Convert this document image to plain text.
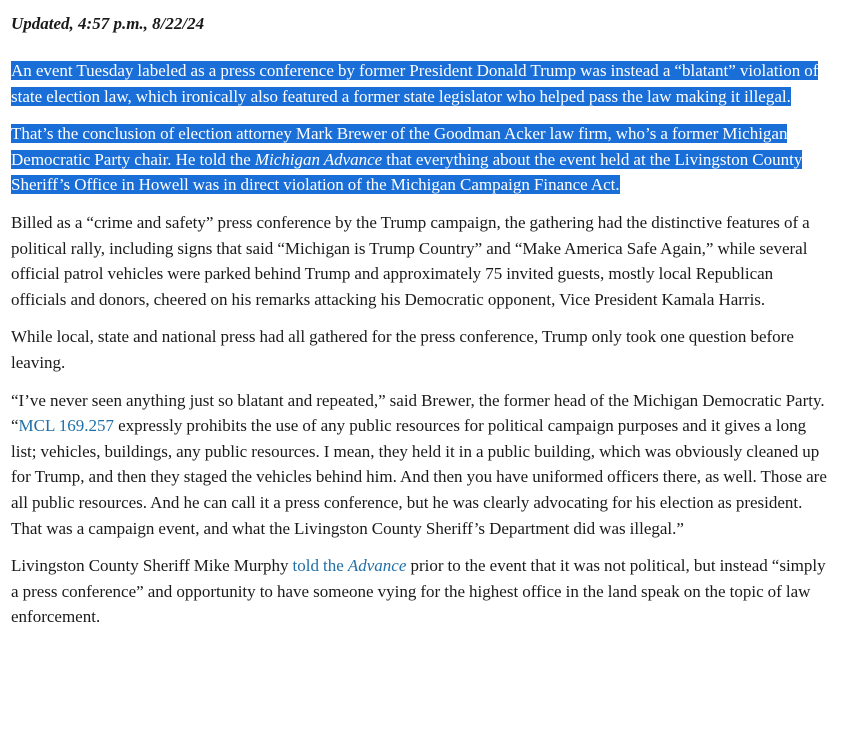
Updated, 4:57 p.m., 8/22/24

An event Tuesday labeled as a press conference by former President Donald Trump was instead a “blatant” violation of state election law, which ironically also featured a former state legislator who helped pass the law making it illegal.

That’s the conclusion of election attorney Mark Brewer of the Goodman Acker law firm, who’s a former Michigan Democratic Party chair. He told the Michigan Advance that everything about the event held at the Livingston County Sheriff’s Office in Howell was in direct violation of the Michigan Campaign Finance Act.

Billed as a “crime and safety” press conference by the Trump campaign, the gathering had the distinctive features of a political rally, including signs that said “Michigan is Trump Country” and “Make America Safe Again,” while several official patrol vehicles were parked behind Trump and approximately 75 invited guests, mostly local Republican officials and donors, cheered on his remarks attacking his Democratic opponent, Vice President Kamala Harris.

While local, state and national press had all gathered for the press conference, Trump only took one question before leaving.

“I’ve never seen anything just so blatant and repeated,” said Brewer, the former head of the Michigan Democratic Party. “MCL 169.257 expressly prohibits the use of any public resources for political campaign purposes and it gives a long list; vehicles, buildings, any public resources. I mean, they held it in a public building, which was obviously cleaned up for Trump, and then they staged the vehicles behind him. And then you have uniformed officers there, as well. Those are all public resources. And he can call it a press conference, but he was clearly advocating for his election as president. That was a campaign event, and what the Livingston County Sheriff’s Department did was illegal.”

Livingston County Sheriff Mike Murphy told the Advance prior to the event that it was not political, but instead “simply a press conference” and opportunity to have someone vying for the highest office in the land speak on the topic of law enforcement.
